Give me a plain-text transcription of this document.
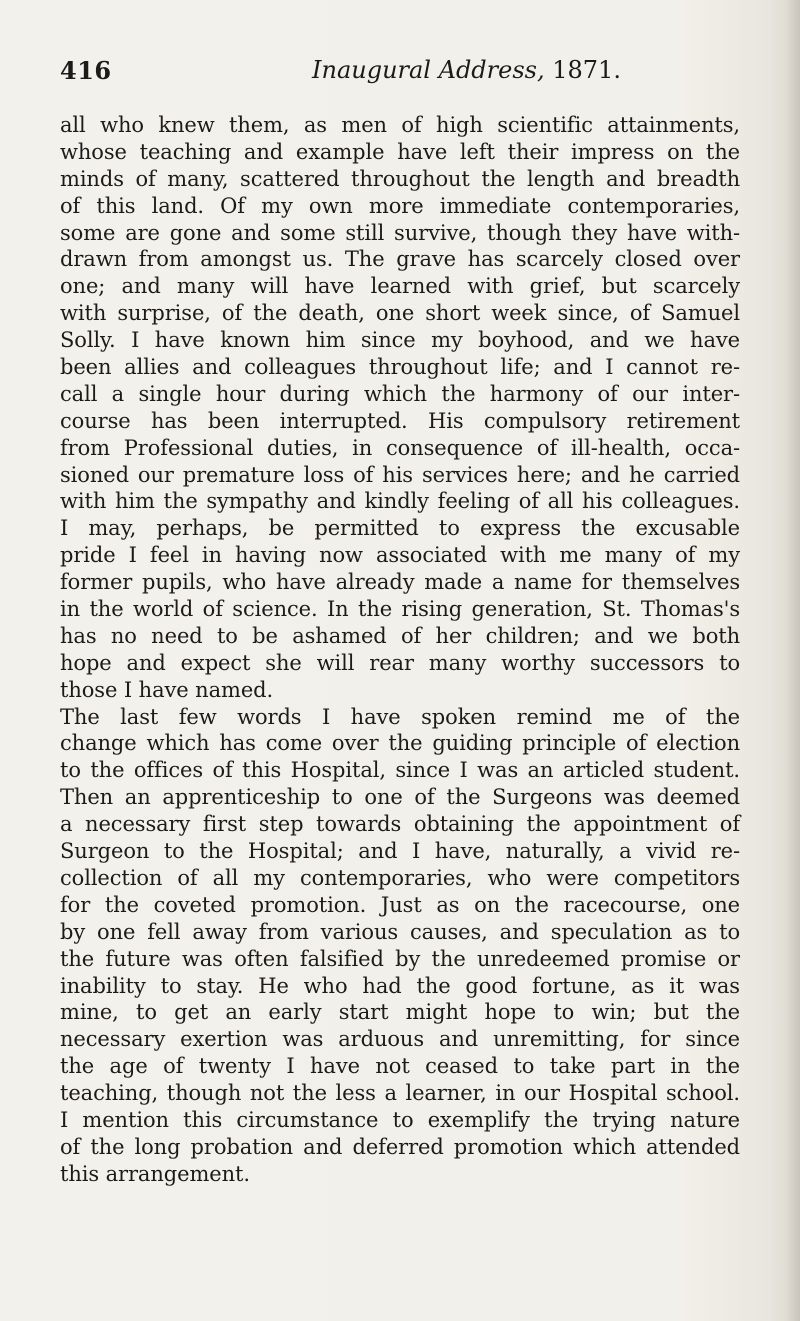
416	Inaugural Address, 1871.
all who knew them, as men of high scientific attainments,
whose teaching and example have left their impress on the
minds of many, scattered throughout the length and breadth
of this land. Of my own more immediate contemporaries,
some are gone and some still survive, though they have with-
drawn from amongst us. The grave has scarcely closed over
one; and many will have learned with grief, but scarcely
with surprise, of the death, one short week since, of Samuel
Solly. I have known him since my boyhood, and we have
been allies and colleagues throughout life; and I cannot re-
call a single hour during which the harmony of our inter-
course has been interrupted. His compulsory retirement
from Professional duties, in consequence of ill-health, occa-
sioned our premature loss of his services here; and he carried
with him the sympathy and kindly feeling of all his colleagues.
I may, perhaps, be permitted to express the excusable
pride I feel in having now associated with me many of my
former pupils, who have already made a name for themselves
in the world of science. In the rising generation, St. Thomas's
has no need to be ashamed of her children; and we both
hope and expect she will rear many worthy successors to
those I have named.
The last few words I have spoken remind me of the
change which has come over the guiding principle of election
to the offices of this Hospital, since I was an articled student.
Then an apprenticeship to one of the Surgeons was deemed
a necessary first step towards obtaining the appointment of
Surgeon to the Hospital; and I have, naturally, a vivid re-
collection of all my contemporaries, who were competitors
for the coveted promotion. Just as on the racecourse, one
by one fell away from various causes, and speculation as to
the future was often falsified by the unredeemed promise or
inability to stay. He who had the good fortune, as it was
mine, to get an early start might hope to win; but the
necessary exertion was arduous and unremitting, for since
the age of twenty I have not ceased to take part in the
teaching, though not the less a learner, in our Hospital school.
I mention this circumstance to exemplify the trying nature
of the long probation and deferred promotion which attended
this arrangement.
